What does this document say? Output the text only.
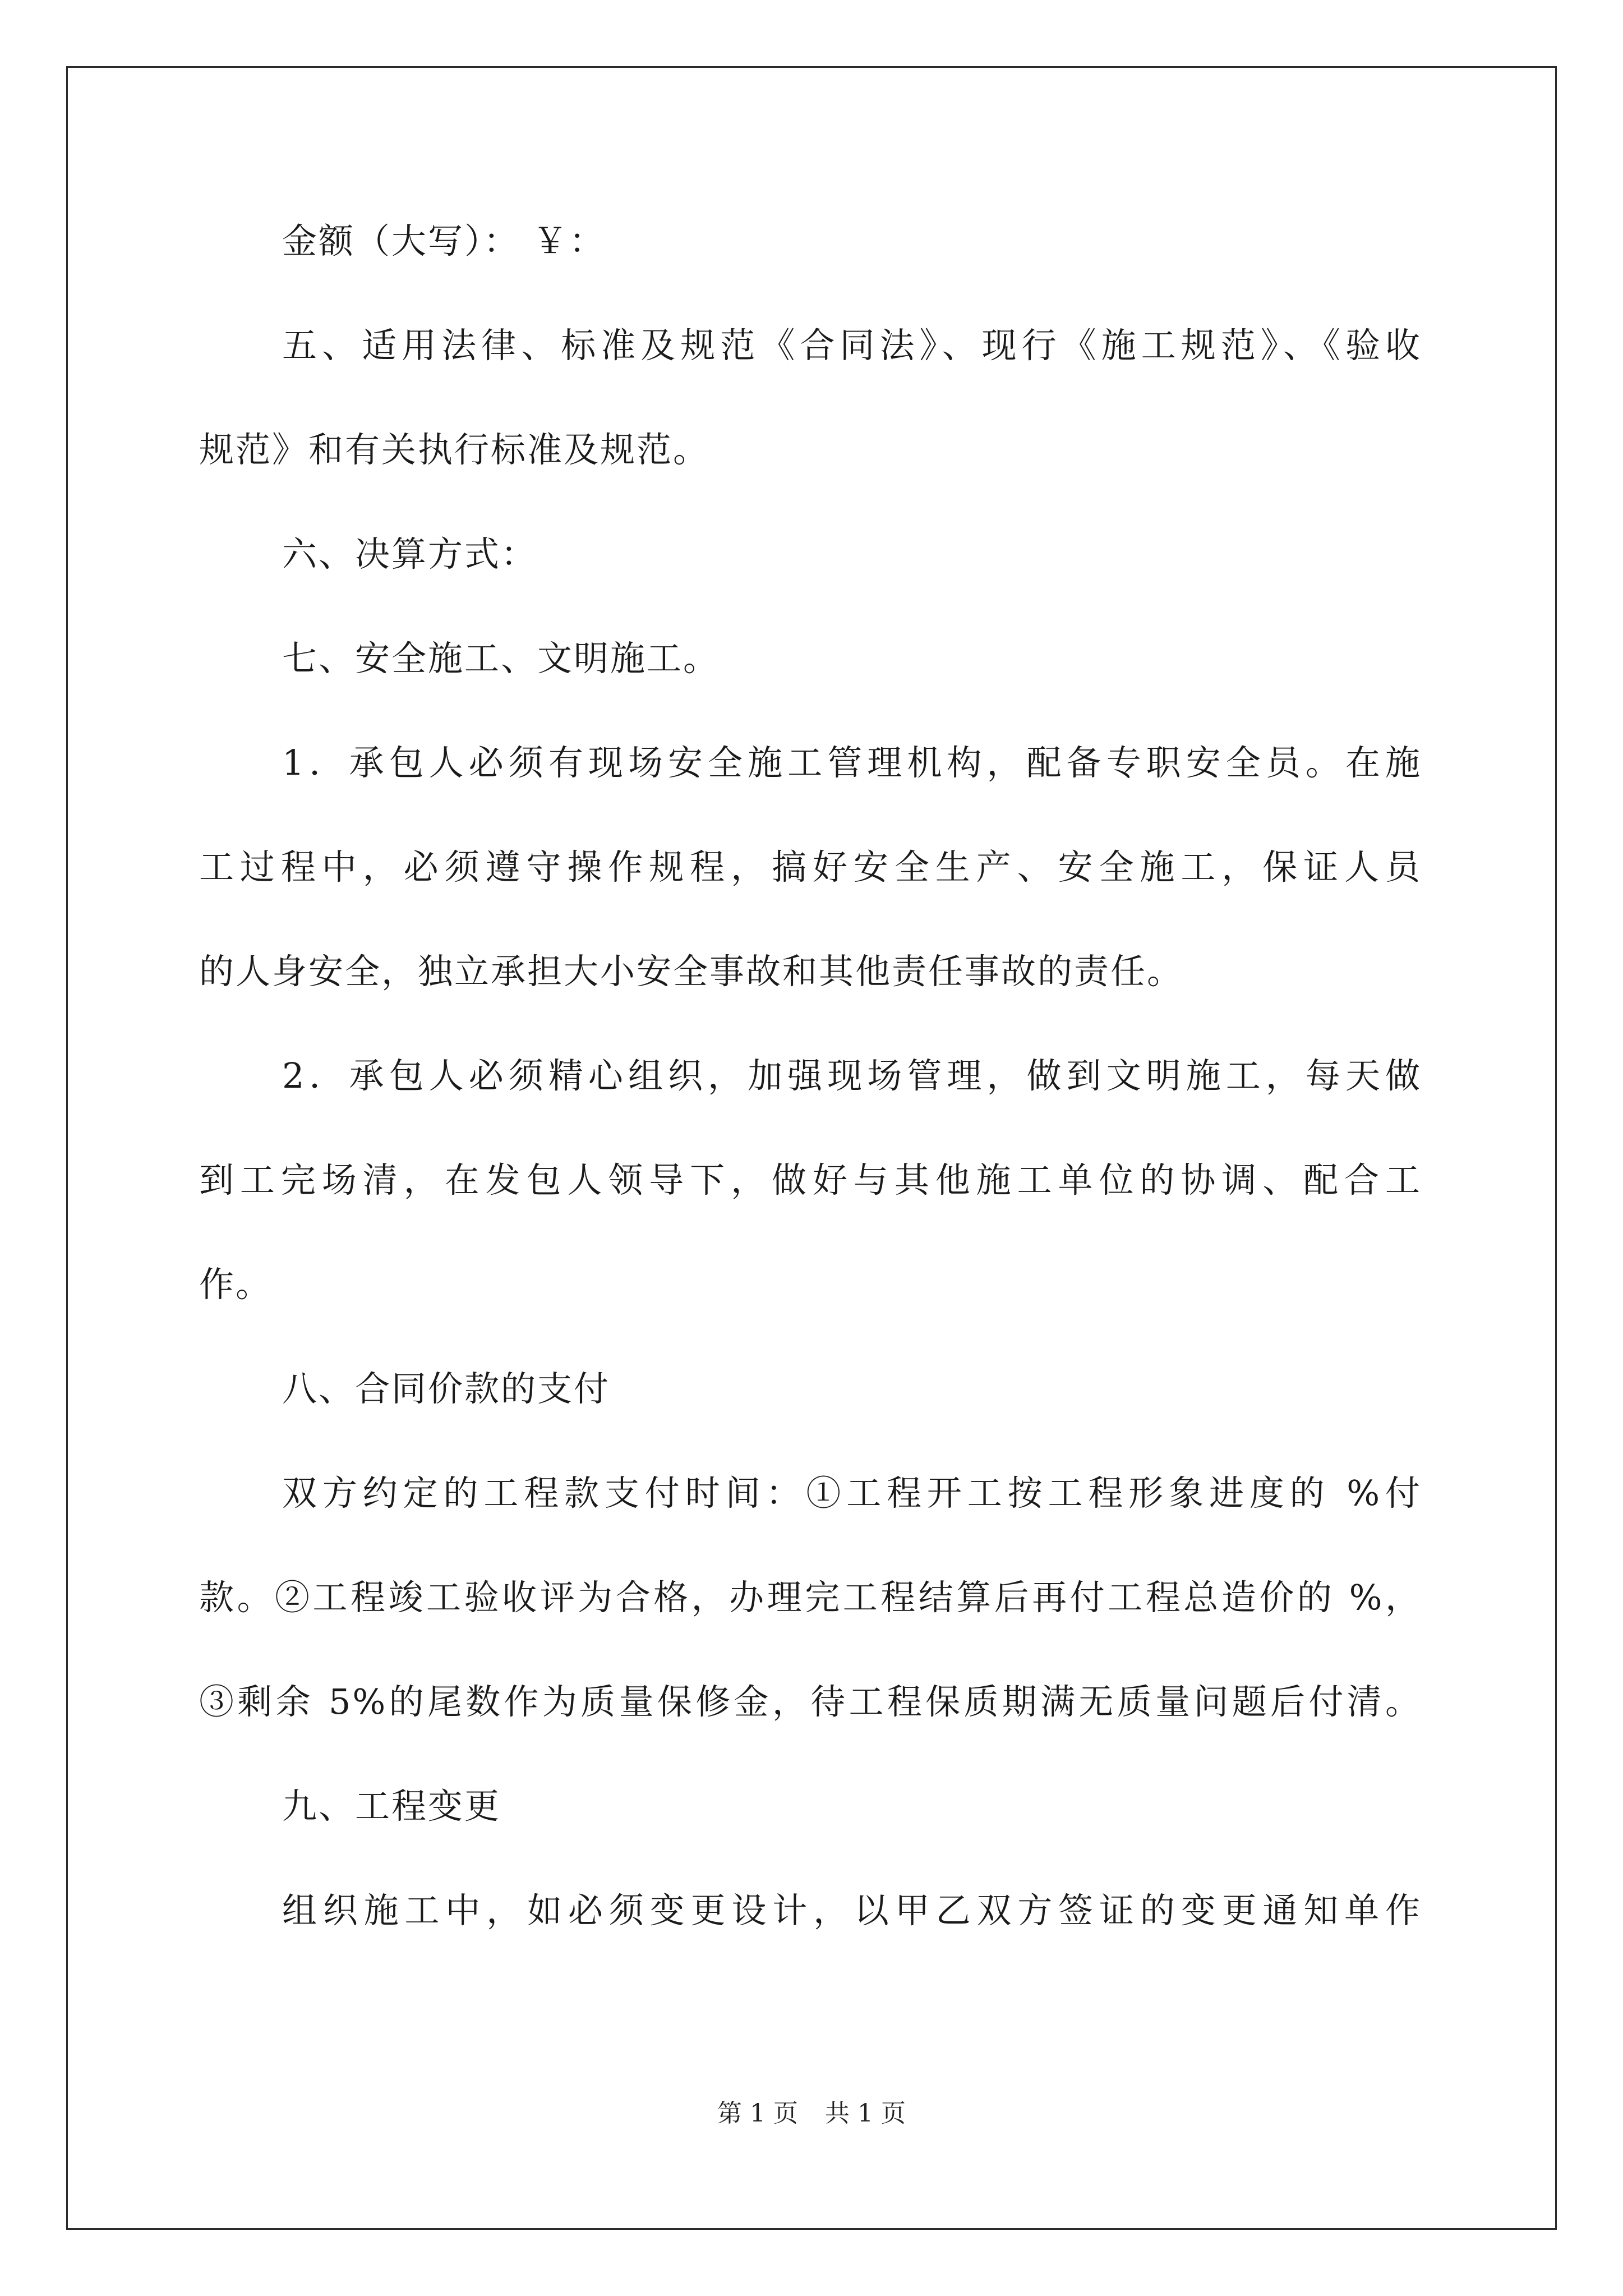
金额（大写）： ￥：
五、适用法律、标准及规范《合同法》、现行《施工规范》、《验收
规范》和有关执行标准及规范。
六、决算方式：
七、安全施工、文明施工。
1．承包人必须有现场安全施工管理机构，配备专职安全员。在施
工过程中，必须遵守操作规程，搞好安全生产、安全施工，保证人员
的人身安全，独立承担大小安全事故和其他责任事故的责任。
2．承包人必须精心组织，加强现场管理，做到文明施工，每天做
到工完场清，在发包人领导下，做好与其他施工单位的协调、配合工
作。
八、合同价款的支付
双方约定的工程款支付时间：①工程开工按工程形象进度的 %付
款。②工程竣工验收评为合格，办理完工程结算后再付工程总造价的 %，
③剩余 5%的尾数作为质量保修金，待工程保质期满无质量问题后付清。
九、工程变更
组织施工中，如必须变更设计，以甲乙双方签证的变更通知单作
第 1 页 共 1 页
